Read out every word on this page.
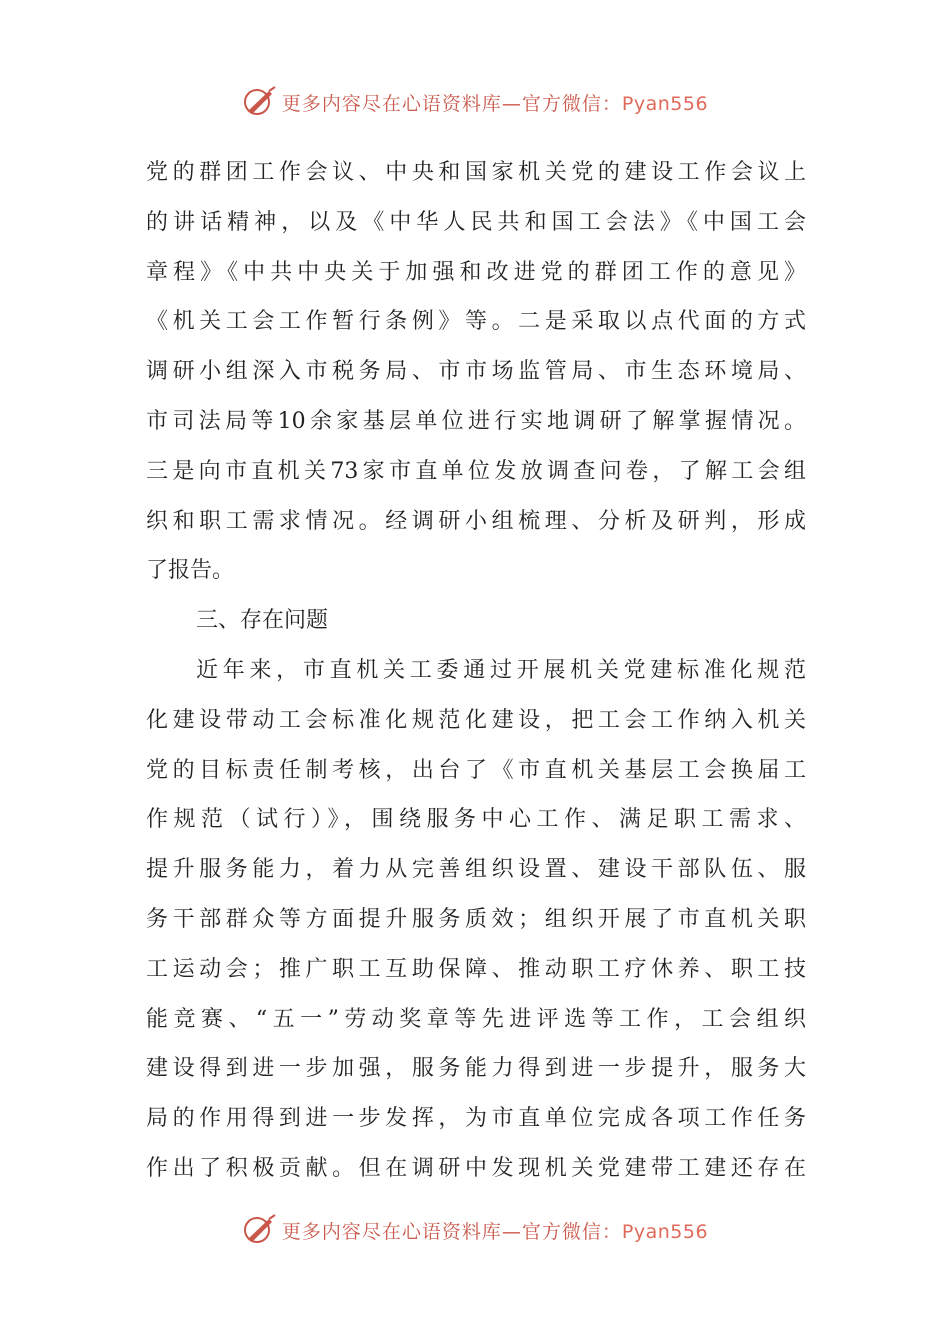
更多内容尽在心语资料库—官方微信：Pyan556
党的群团工作会议、中央和国家机关党的建设工作会议上
的讲话精神，以及《中华人民共和国工会法》《中国工会
章程》《中共中央关于加强和改进党的群团工作的意见》
《机关工会工作暂行条例》等。二是采取以点代面的方式
调研小组深入市税务局、市市场监管局、市生态环境局、
市司法局等10余家基层单位进行实地调研了解掌握情况。
三是向市直机关73家市直单位发放调查问卷，了解工会组
织和职工需求情况。经调研小组梳理、分析及研判，形成
了报告。
三、存在问题
近年来，市直机关工委通过开展机关党建标准化规范
化建设带动工会标准化规范化建设，把工会工作纳入机关
党的目标责任制考核，出台了《市直机关基层工会换届工
作规范（试行）》，围绕服务中心工作、满足职工需求、
提升服务能力，着力从完善组织设置、建设干部队伍、服
务干部群众等方面提升服务质效；组织开展了市直机关职
工运动会；推广职工互助保障、推动职工疗休养、职工技
能竞赛、“五一”劳动奖章等先进评选等工作，工会组织
建设得到进一步加强，服务能力得到进一步提升，服务大
局的作用得到进一步发挥，为市直单位完成各项工作任务
作出了积极贡献。但在调研中发现机关党建带工建还存在
更多内容尽在心语资料库—官方微信：Pyan556
